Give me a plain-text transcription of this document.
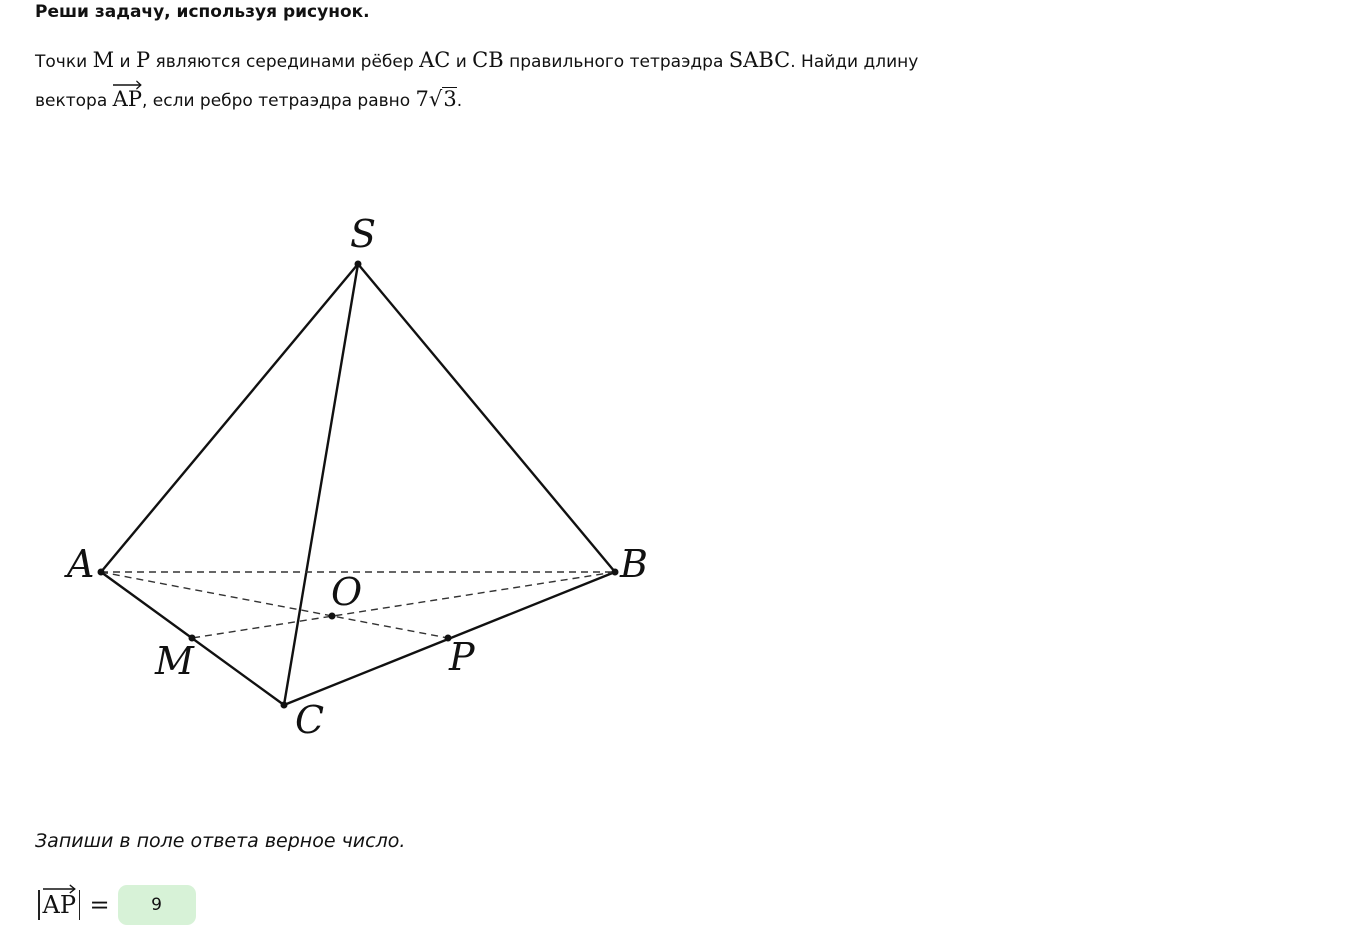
Реши задачу, используя рисунок.
Точки M и P являются серединами рёбер AC и CB правильного тетраэдра SABC. Найди длину
вектора
AP, если ребро тетраэдра равно 7√3.
S
A	B
O
M	P
C
Запиши в поле ответа верное число.
AP =
9
